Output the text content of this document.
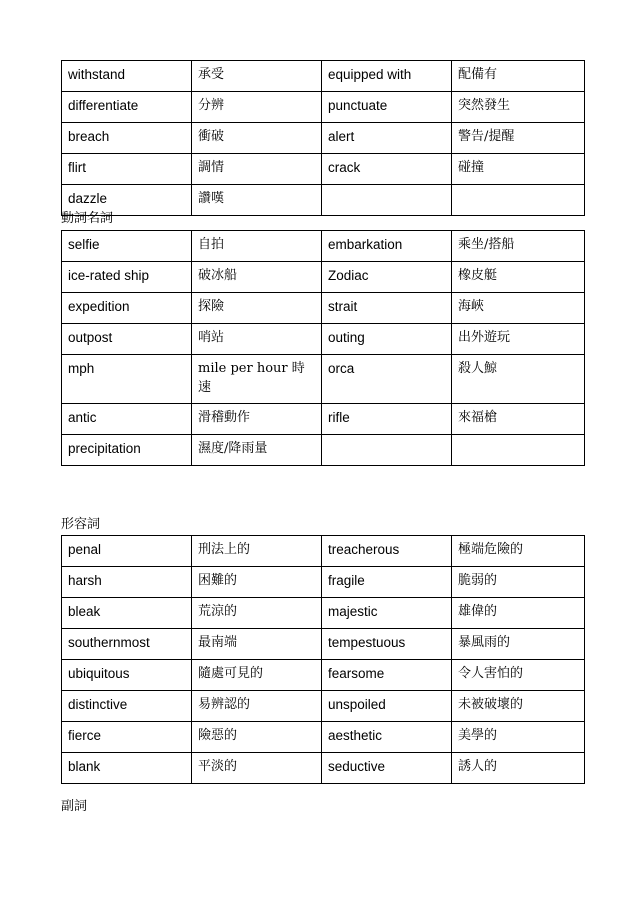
withstand	承受	equipped with	配備有
differentiate	分辨	punctuate	突然發生
breach	衝破	alert	警告/提醒
flirt	調情	crack	碰撞
dazzle	讚嘆		
動詞名詞
selfie	自拍	embarkation	乘坐/搭船
ice-rated ship	破冰船	Zodiac	橡皮艇
expedition	探險	strait	海峽
outpost	哨站	outing	出外遊玩
mph	mile per hour 時速	orca	殺人鯨
antic	滑稽動作	rifle	來福槍
precipitation	濕度/降雨量		
形容詞
penal	刑法上的	treacherous	極端危險的
harsh	困難的	fragile	脆弱的
bleak	荒涼的	majestic	雄偉的
southernmost	最南端	tempestuous	暴風雨的
ubiquitous	隨處可見的	fearsome	令人害怕的
distinctive	易辨認的	unspoiled	未被破壞的
fierce	險惡的	aesthetic	美學的
blank	平淡的	seductive	誘人的
副詞
